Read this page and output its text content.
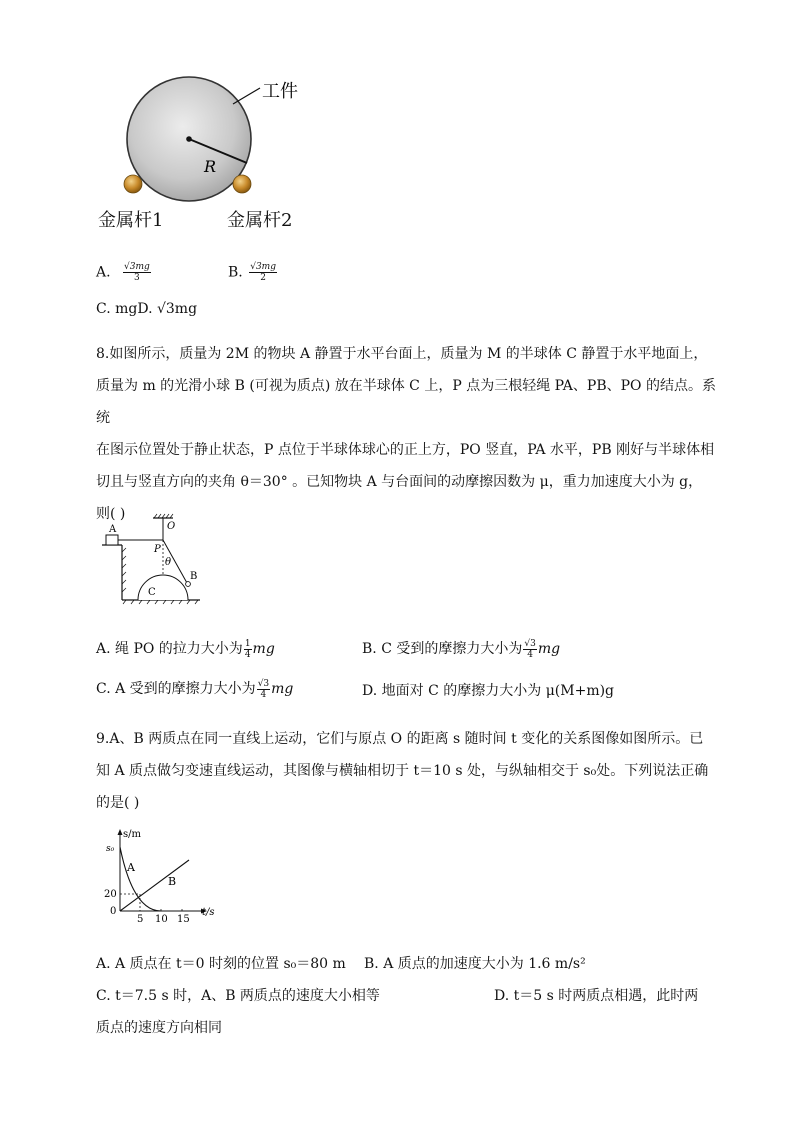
工件
R
金属杆1	金属杆2
A. $\frac{√3mg}{3}$	B. $\frac{√3mg}{2}$
C. mgD. √3mg
8.如图所示，质量为 2M 的物块 A 静置于水平台面上，质量为 M 的半球体 C 静置于水平地面上，
质量为 m 的光滑小球 B (可视为质点) 放在半球体 C 上，P 点为三根轻绳 PA、PB、PO 的结点。系统
在图示位置处于静止状态，P 点位于半球体球心的正上方，PO 竖直，PA 水平，PB 刚好与半球体相
切且与竖直方向的夹角 θ＝30° 。已知物块 A 与台面间的动摩擦因数为 μ，重力加速度大小为 g，
则( )
A	O
P
θ
B
C
A. 绳 PO 的拉力大小为 $\frac{1}{4}$ mg	B. C 受到的摩擦力大小为 $\frac{√3}{4}$ mg
C. A 受到的摩擦力大小为 $\frac{√3}{4}$ mg	D. 地面对 C 的摩擦力大小为 μ(M+m)g
9.A、B 两质点在同一直线上运动，它们与原点 O 的距离 s 随时间 t 变化的关系图像如图所示。已
知 A 质点做匀变速直线运动，其图像与横轴相切于 t＝10 s 处，与纵轴相交于 s₀处。下列说法正确
的是( )
s/m
s₀
20
0
5 10 15
t/s
A
B
A. A 质点在 t＝0 时刻的位置 s₀＝80 m B. A 质点的加速度大小为 1.6 m/s²
C. t＝7.5 s 时，A、B 两质点的速度大小相等	D. t＝5 s 时两质点相遇，此时两
质点的速度方向相同
